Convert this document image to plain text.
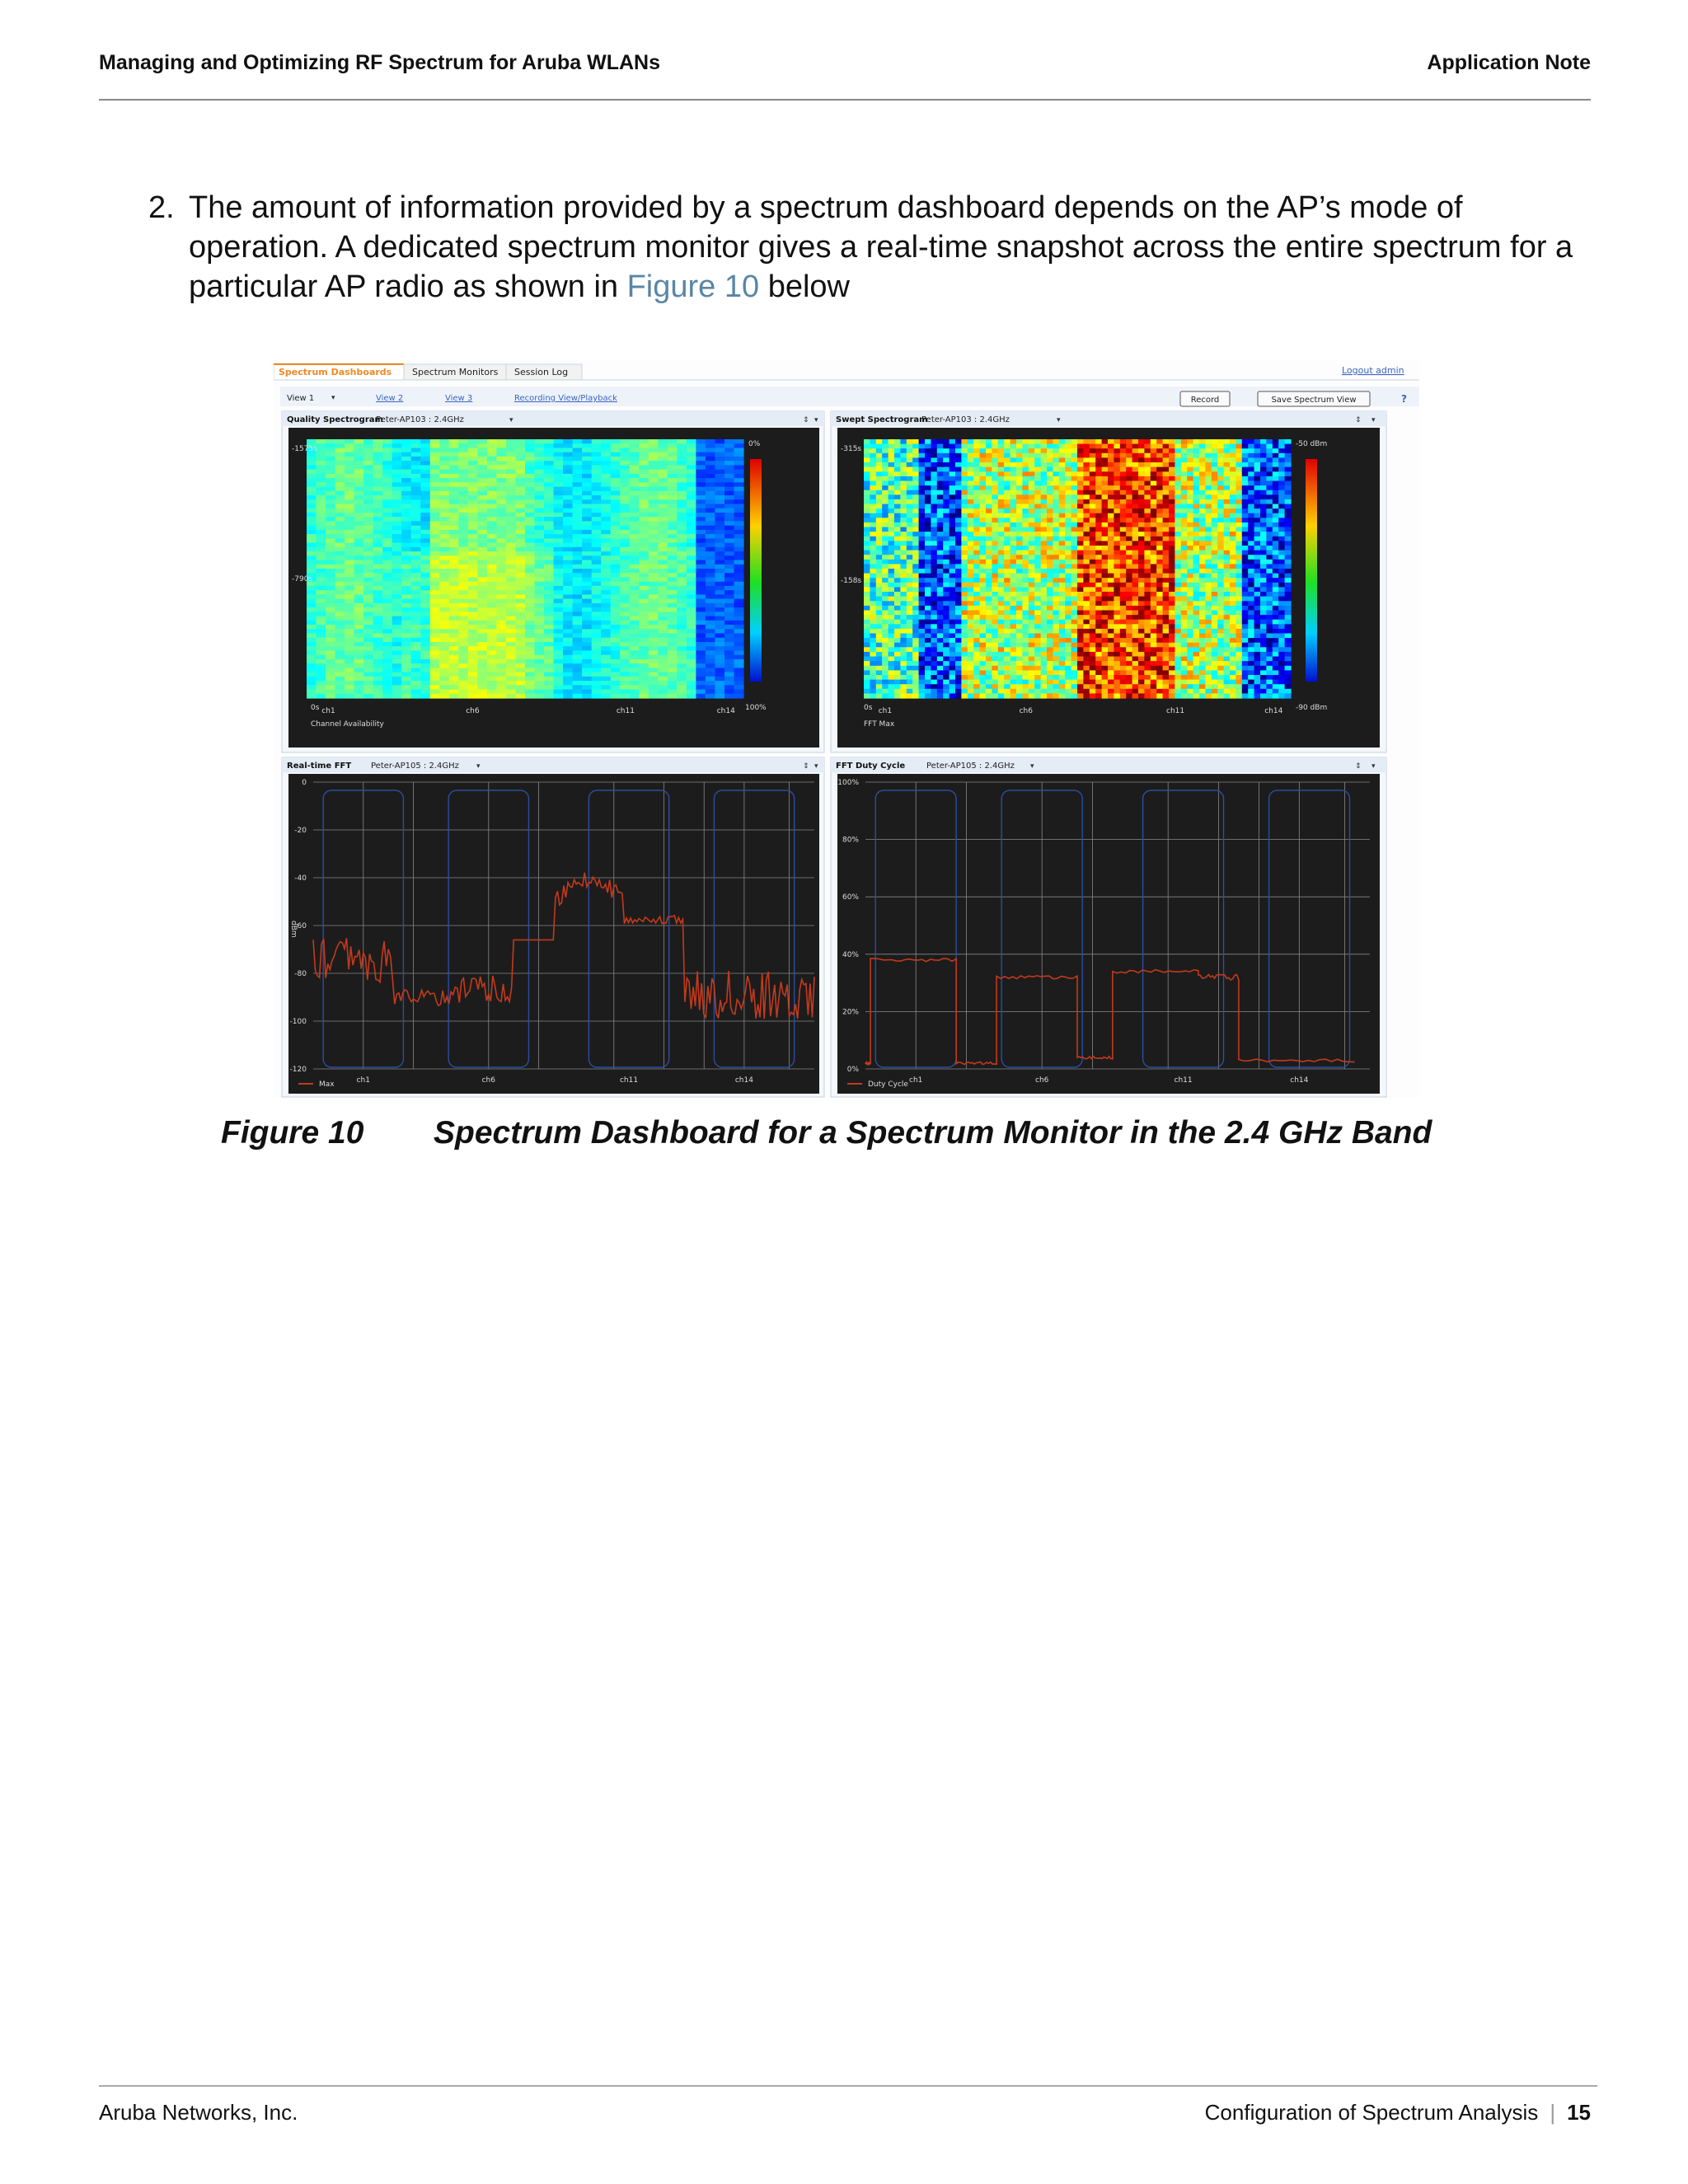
Managing and Optimizing RF Spectrum for Aruba WLANs	Application Note
2. The amount of information provided by a spectrum dashboard depends on the AP’s mode of operation. A dedicated spectrum monitor gives a real-time snapshot across the entire spectrum for a particular AP radio as shown in Figure 10 below
Spectrum Dashboards Spectrum Monitors Session Log	Logout admin
View 1 ▾	View 2	View 3	Recording View/Playback	Record	Save Spectrum View	?
Quality Spectrogram
Peter-AP103 : 2.4GHz	▾	⇕ ▾
0%
100%
-1575s
-790s
0s ch1	ch6	ch11	ch14
Channel Availability
Swept Spectrogram
Peter-AP103 : 2.4GHz	▾	⇕ ▾
-50 dBm
-90 dBm
-315s
-158s
0s ch1	ch6	ch11	ch14
FFT Max
Real-time FFT Peter-AP105 : 2.4GHz ▾	⇕ ▾
0
-20
-40
-60
-80
-100
-120
ch1	ch6	ch11	ch14
dBm
Max
FFT Duty Cycle	Peter-AP105 : 2.4GHz ▾	⇕ ▾
100%
80%
60%
40%
20%
0%
ch1	ch6	ch11	ch14
Duty Cycle
Figure 10 Spectrum Dashboard for a Spectrum Monitor in the 2.4 GHz Band
Aruba Networks, Inc.	Configuration of Spectrum Analysis | 15
